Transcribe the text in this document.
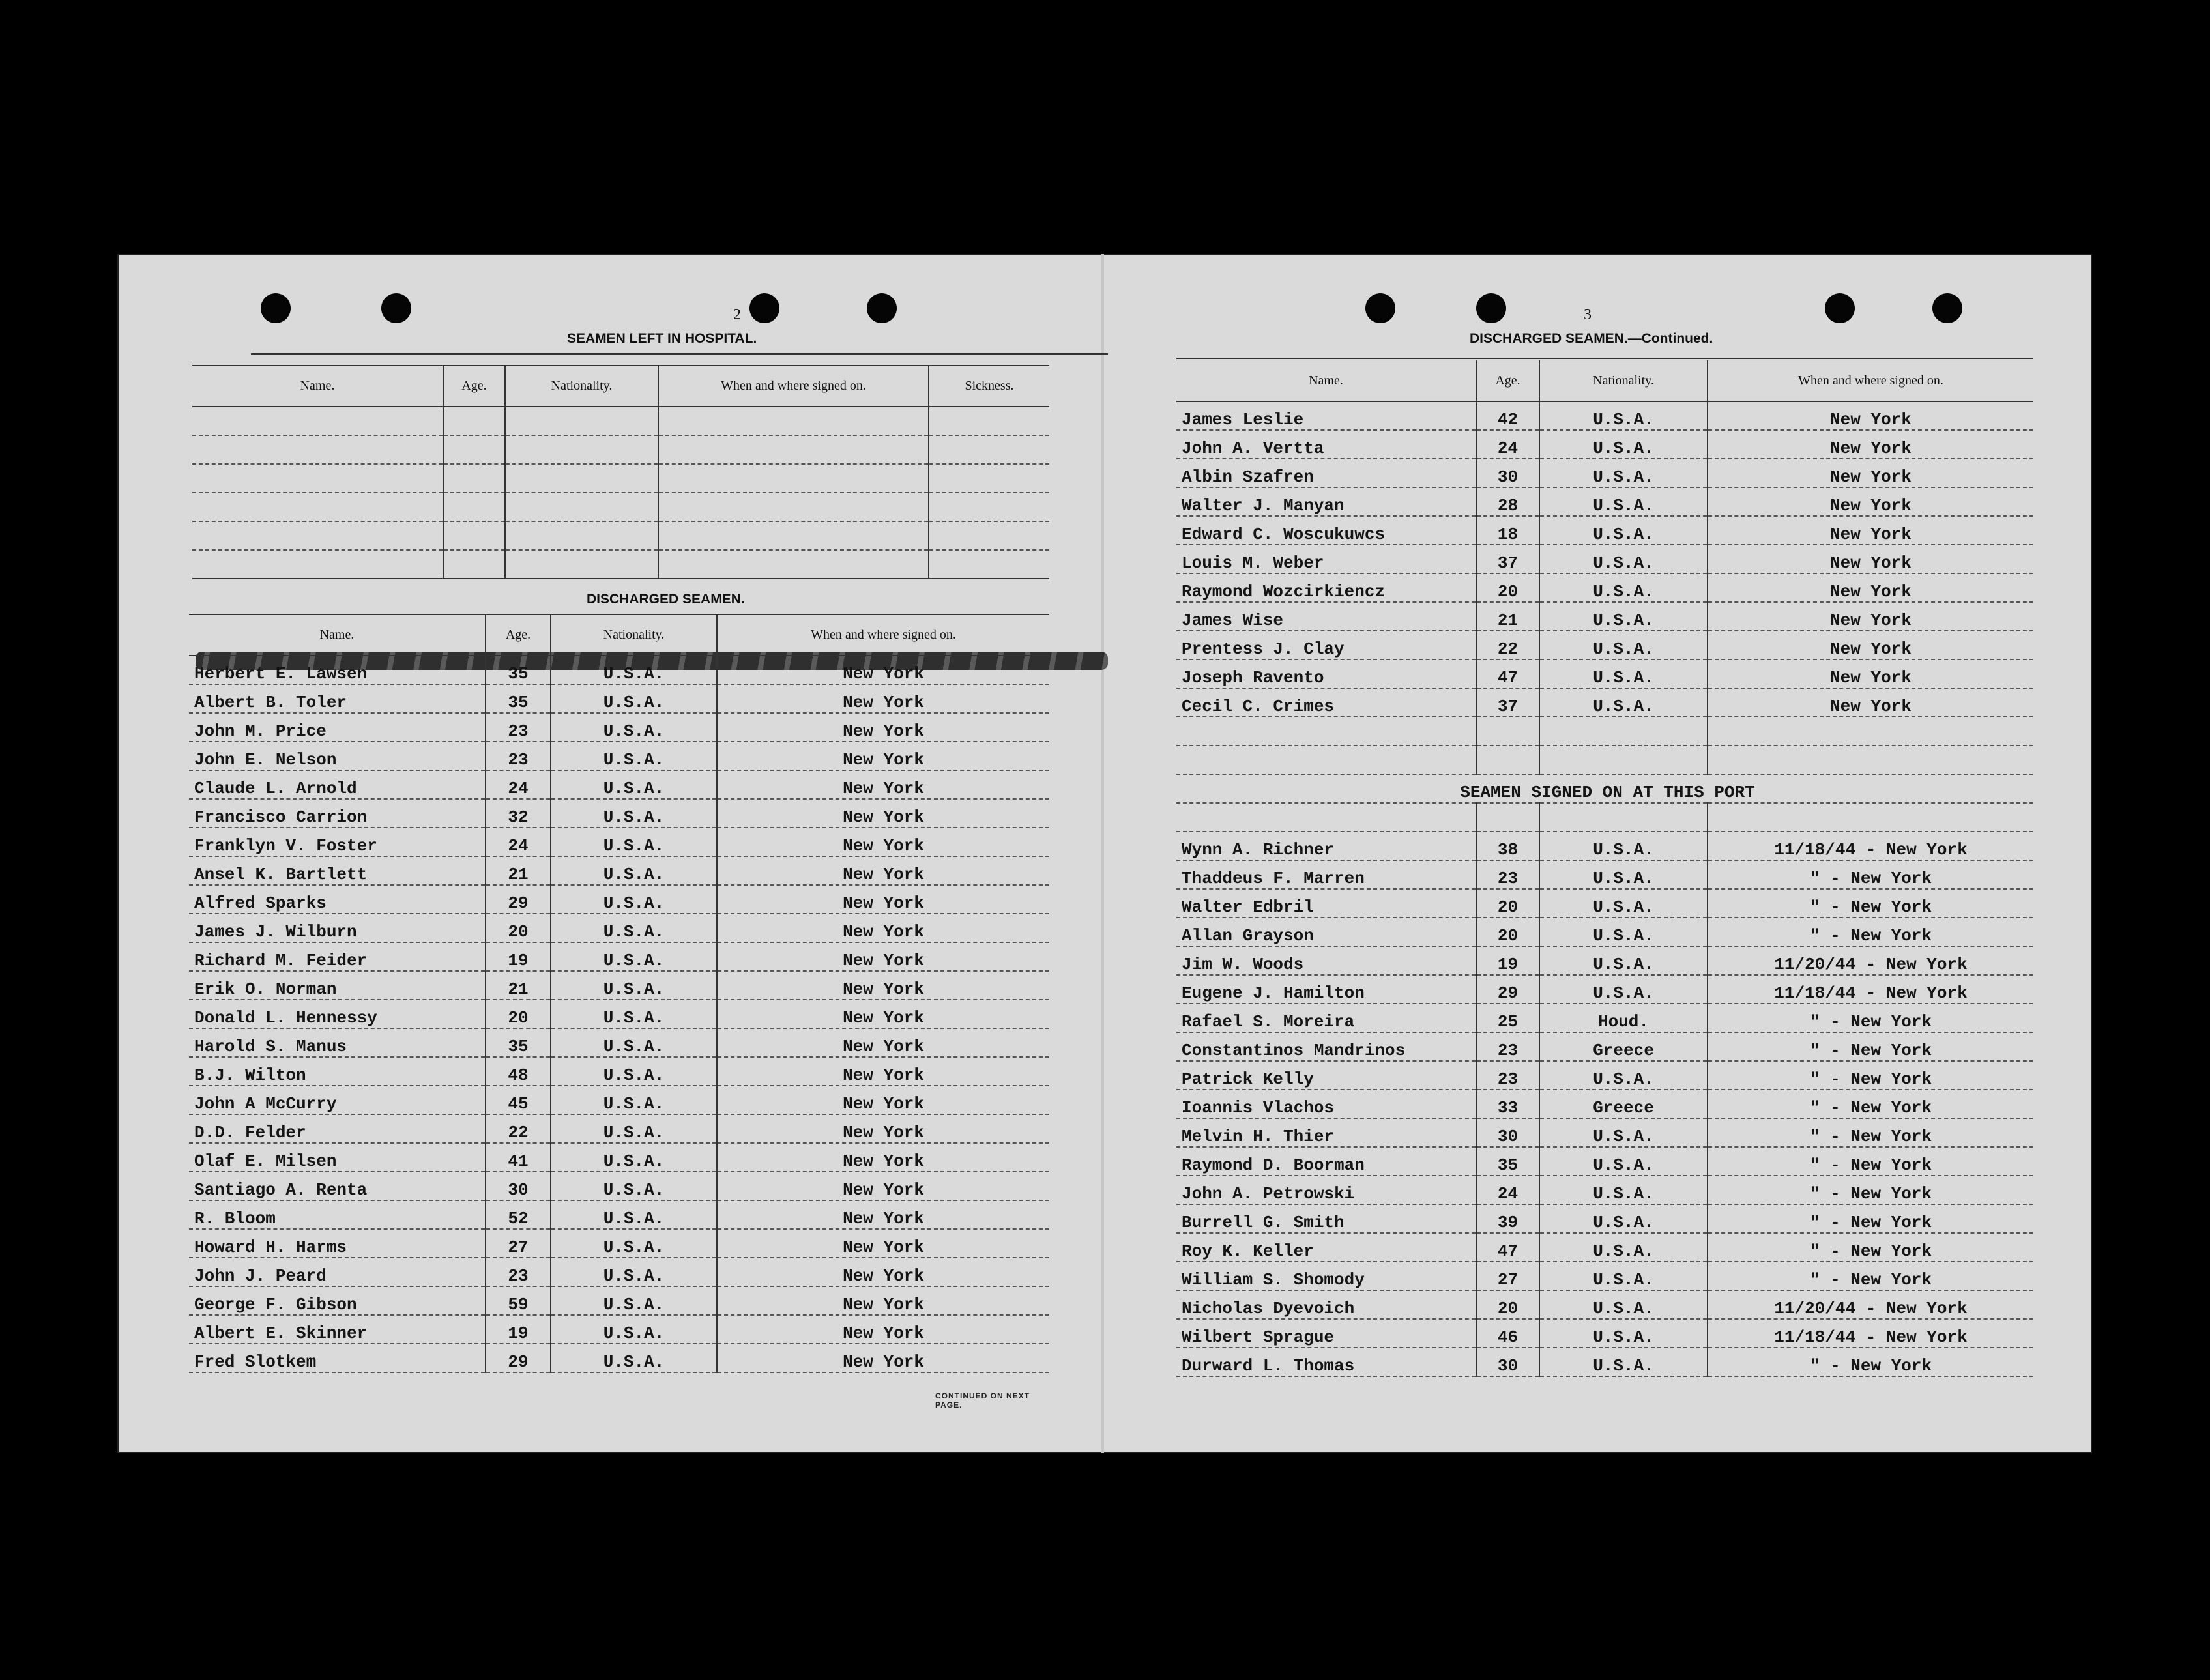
2
SEAMEN LEFT IN HOSPITAL.
Name.	Age.	Nationality.	When and where signed on.	Sickness.

DISCHARGED SEAMEN.
Name.	Age.	Nationality.	When and where signed on.
Herbert E. Lawsen	35	U.S.A.	New York
Albert B. Toler	35	U.S.A.	New York
John M. Price	23	U.S.A.	New York
John E. Nelson	23	U.S.A.	New York
Claude L. Arnold	24	U.S.A.	New York
Francisco Carrion	32	U.S.A.	New York
Franklyn V. Foster	24	U.S.A.	New York
Ansel K. Bartlett	21	U.S.A.	New York
Alfred Sparks	29	U.S.A.	New York
James J. Wilburn	20	U.S.A.	New York
Richard M. Feider	19	U.S.A.	New York
Erik O. Norman	21	U.S.A.	New York
Donald L. Hennessy	20	U.S.A.	New York
Harold S. Manus	35	U.S.A.	New York
B.J. Wilton	48	U.S.A.	New York
John A McCurry	45	U.S.A.	New York
D.D. Felder	22	U.S.A.	New York
Olaf E. Milsen	41	U.S.A.	New York
Santiago A. Renta	30	U.S.A.	New York
R. Bloom	52	U.S.A.	New York
Howard H. Harms	27	U.S.A.	New York
John J. Peard	23	U.S.A.	New York
George F. Gibson	59	U.S.A.	New York
Albert E. Skinner	19	U.S.A.	New York
Fred Slotkem	29	U.S.A.	New York
CONTINUED ON NEXT PAGE.
3
DISCHARGED SEAMEN.—Continued.
Name.	Age.	Nationality.	When and where signed on.
James Leslie	42	U.S.A.	New York
John A. Vertta	24	U.S.A.	New York
Albin Szafren	30	U.S.A.	New York
Walter J. Manyan	28	U.S.A.	New York
Edward C. Woscukuwcs	18	U.S.A.	New York
Louis M. Weber	37	U.S.A.	New York
Raymond Wozcirkiencz	20	U.S.A.	New York
James Wise	21	U.S.A.	New York
Prentess J. Clay	22	U.S.A.	New York
Joseph Ravento	47	U.S.A.	New York
Cecil C. Crimes	37	U.S.A.	New York

SEAMEN SIGNED ON AT THIS PORT			

Wynn A. Richner	38	U.S.A.	11/18/44 - New York
Thaddeus F. Marren	23	U.S.A.	" - New York
Walter Edbril	20	U.S.A.	" - New York
Allan Grayson	20	U.S.A.	" - New York
Jim W. Woods	19	U.S.A.	11/20/44 - New York
Eugene J. Hamilton	29	U.S.A.	11/18/44 - New York
Rafael S. Moreira	25	Houd.	" - New York
Constantinos Mandrinos	23	Greece	" - New York
Patrick Kelly	23	U.S.A.	" - New York
Ioannis Vlachos	33	Greece	" - New York
Melvin H. Thier	30	U.S.A.	" - New York
Raymond D. Boorman	35	U.S.A.	" - New York
John A. Petrowski	24	U.S.A.	" - New York
Burrell G. Smith	39	U.S.A.	" - New York
Roy K. Keller	47	U.S.A.	" - New York
William S. Shomody	27	U.S.A.	" - New York
Nicholas Dyevoich	20	U.S.A.	11/20/44 - New York
Wilbert Sprague	46	U.S.A.	11/18/44 - New York
Durward L. Thomas	30	U.S.A.	" - New York
